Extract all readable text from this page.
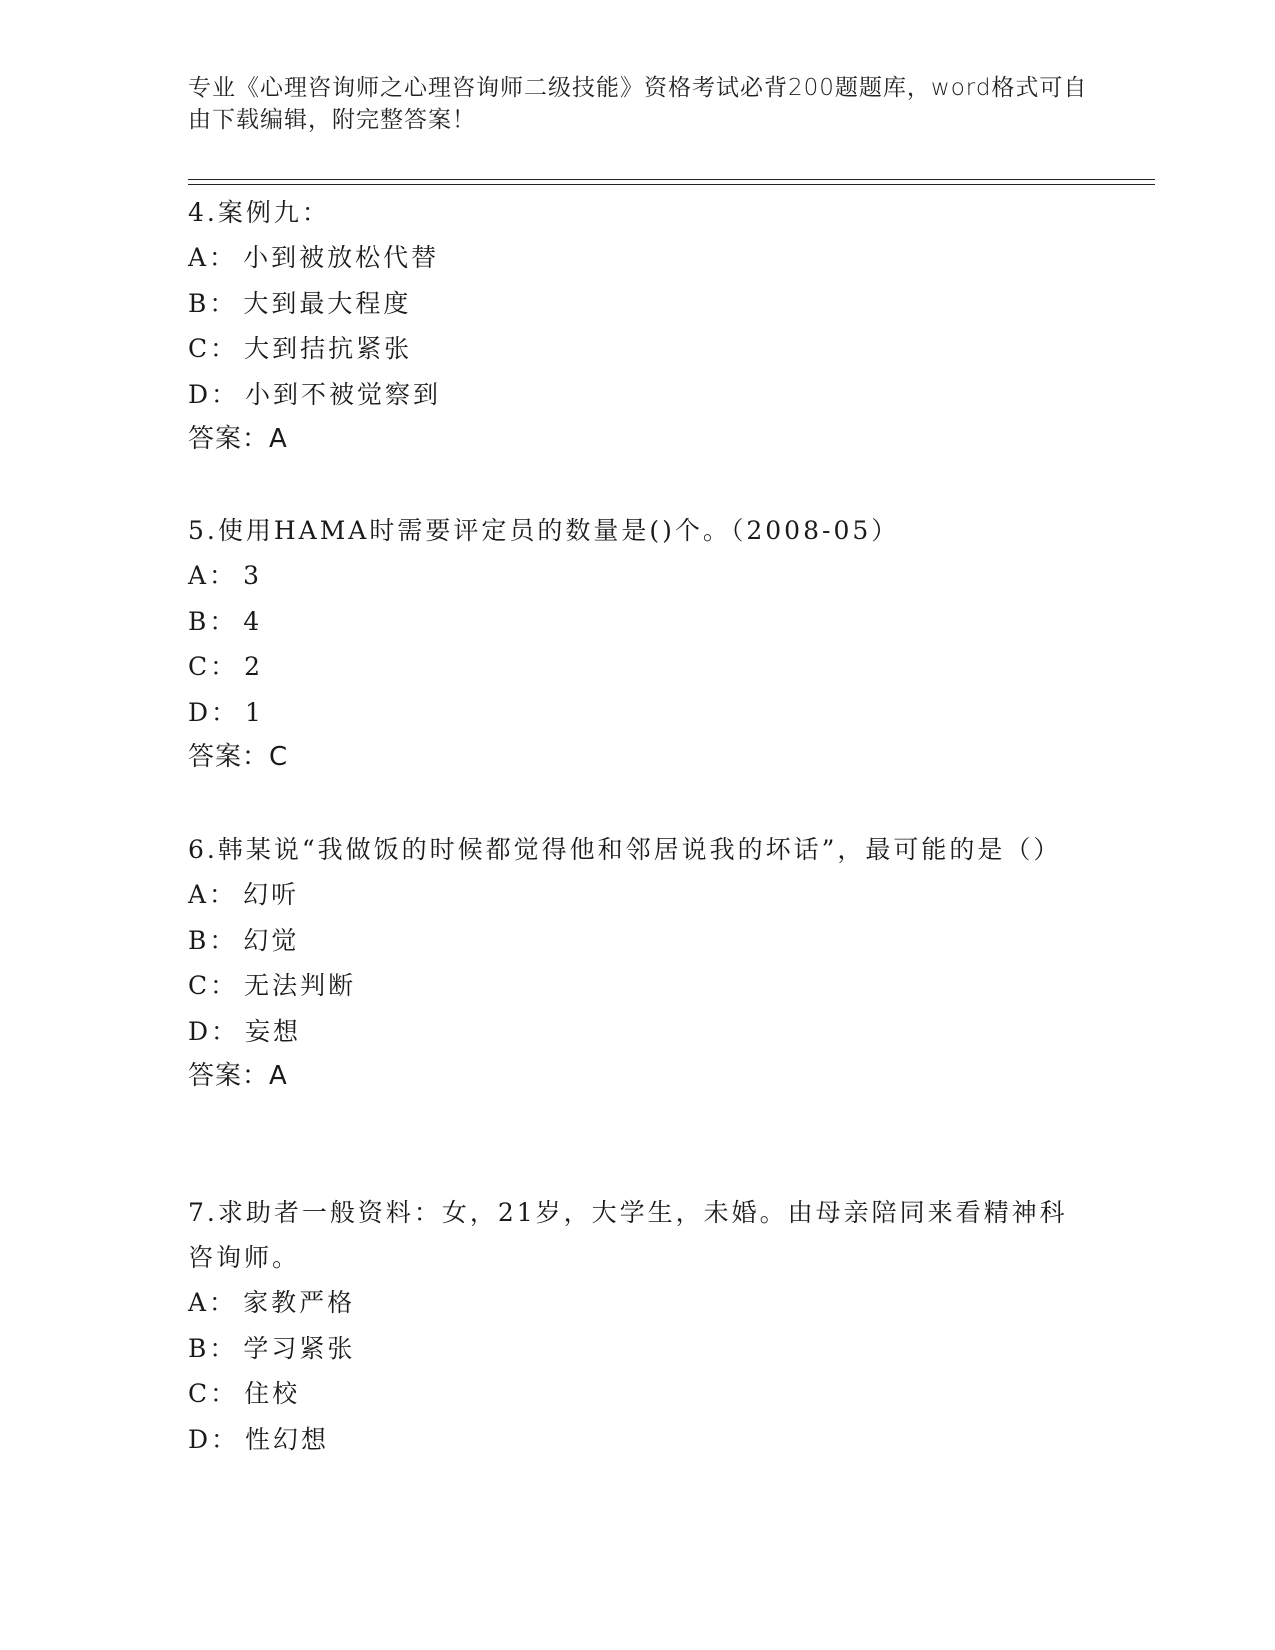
专业《心理咨询师之心理咨询师二级技能》资格考试必背200题题库，word格式可自由下载编辑，附完整答案！

4.案例九：

A： 小到被放松代替

B： 大到最大程度

C： 大到拮抗紧张

D： 小到不被觉察到

答案：A

5.使用HAMA时需要评定员的数量是()个。（2008-05）

A： 3

B： 4

C： 2

D： 1

答案：C

6.韩某说“我做饭的时候都觉得他和邻居说我的坏话”，最可能的是（）

A： 幻听

B： 幻觉

C： 无法判断

D： 妄想

答案：A

7.求助者一般资料：女，21岁，大学生，未婚。由母亲陪同来看精神科咨询师。

A： 家教严格

B： 学习紧张

C： 住校

D： 性幻想
